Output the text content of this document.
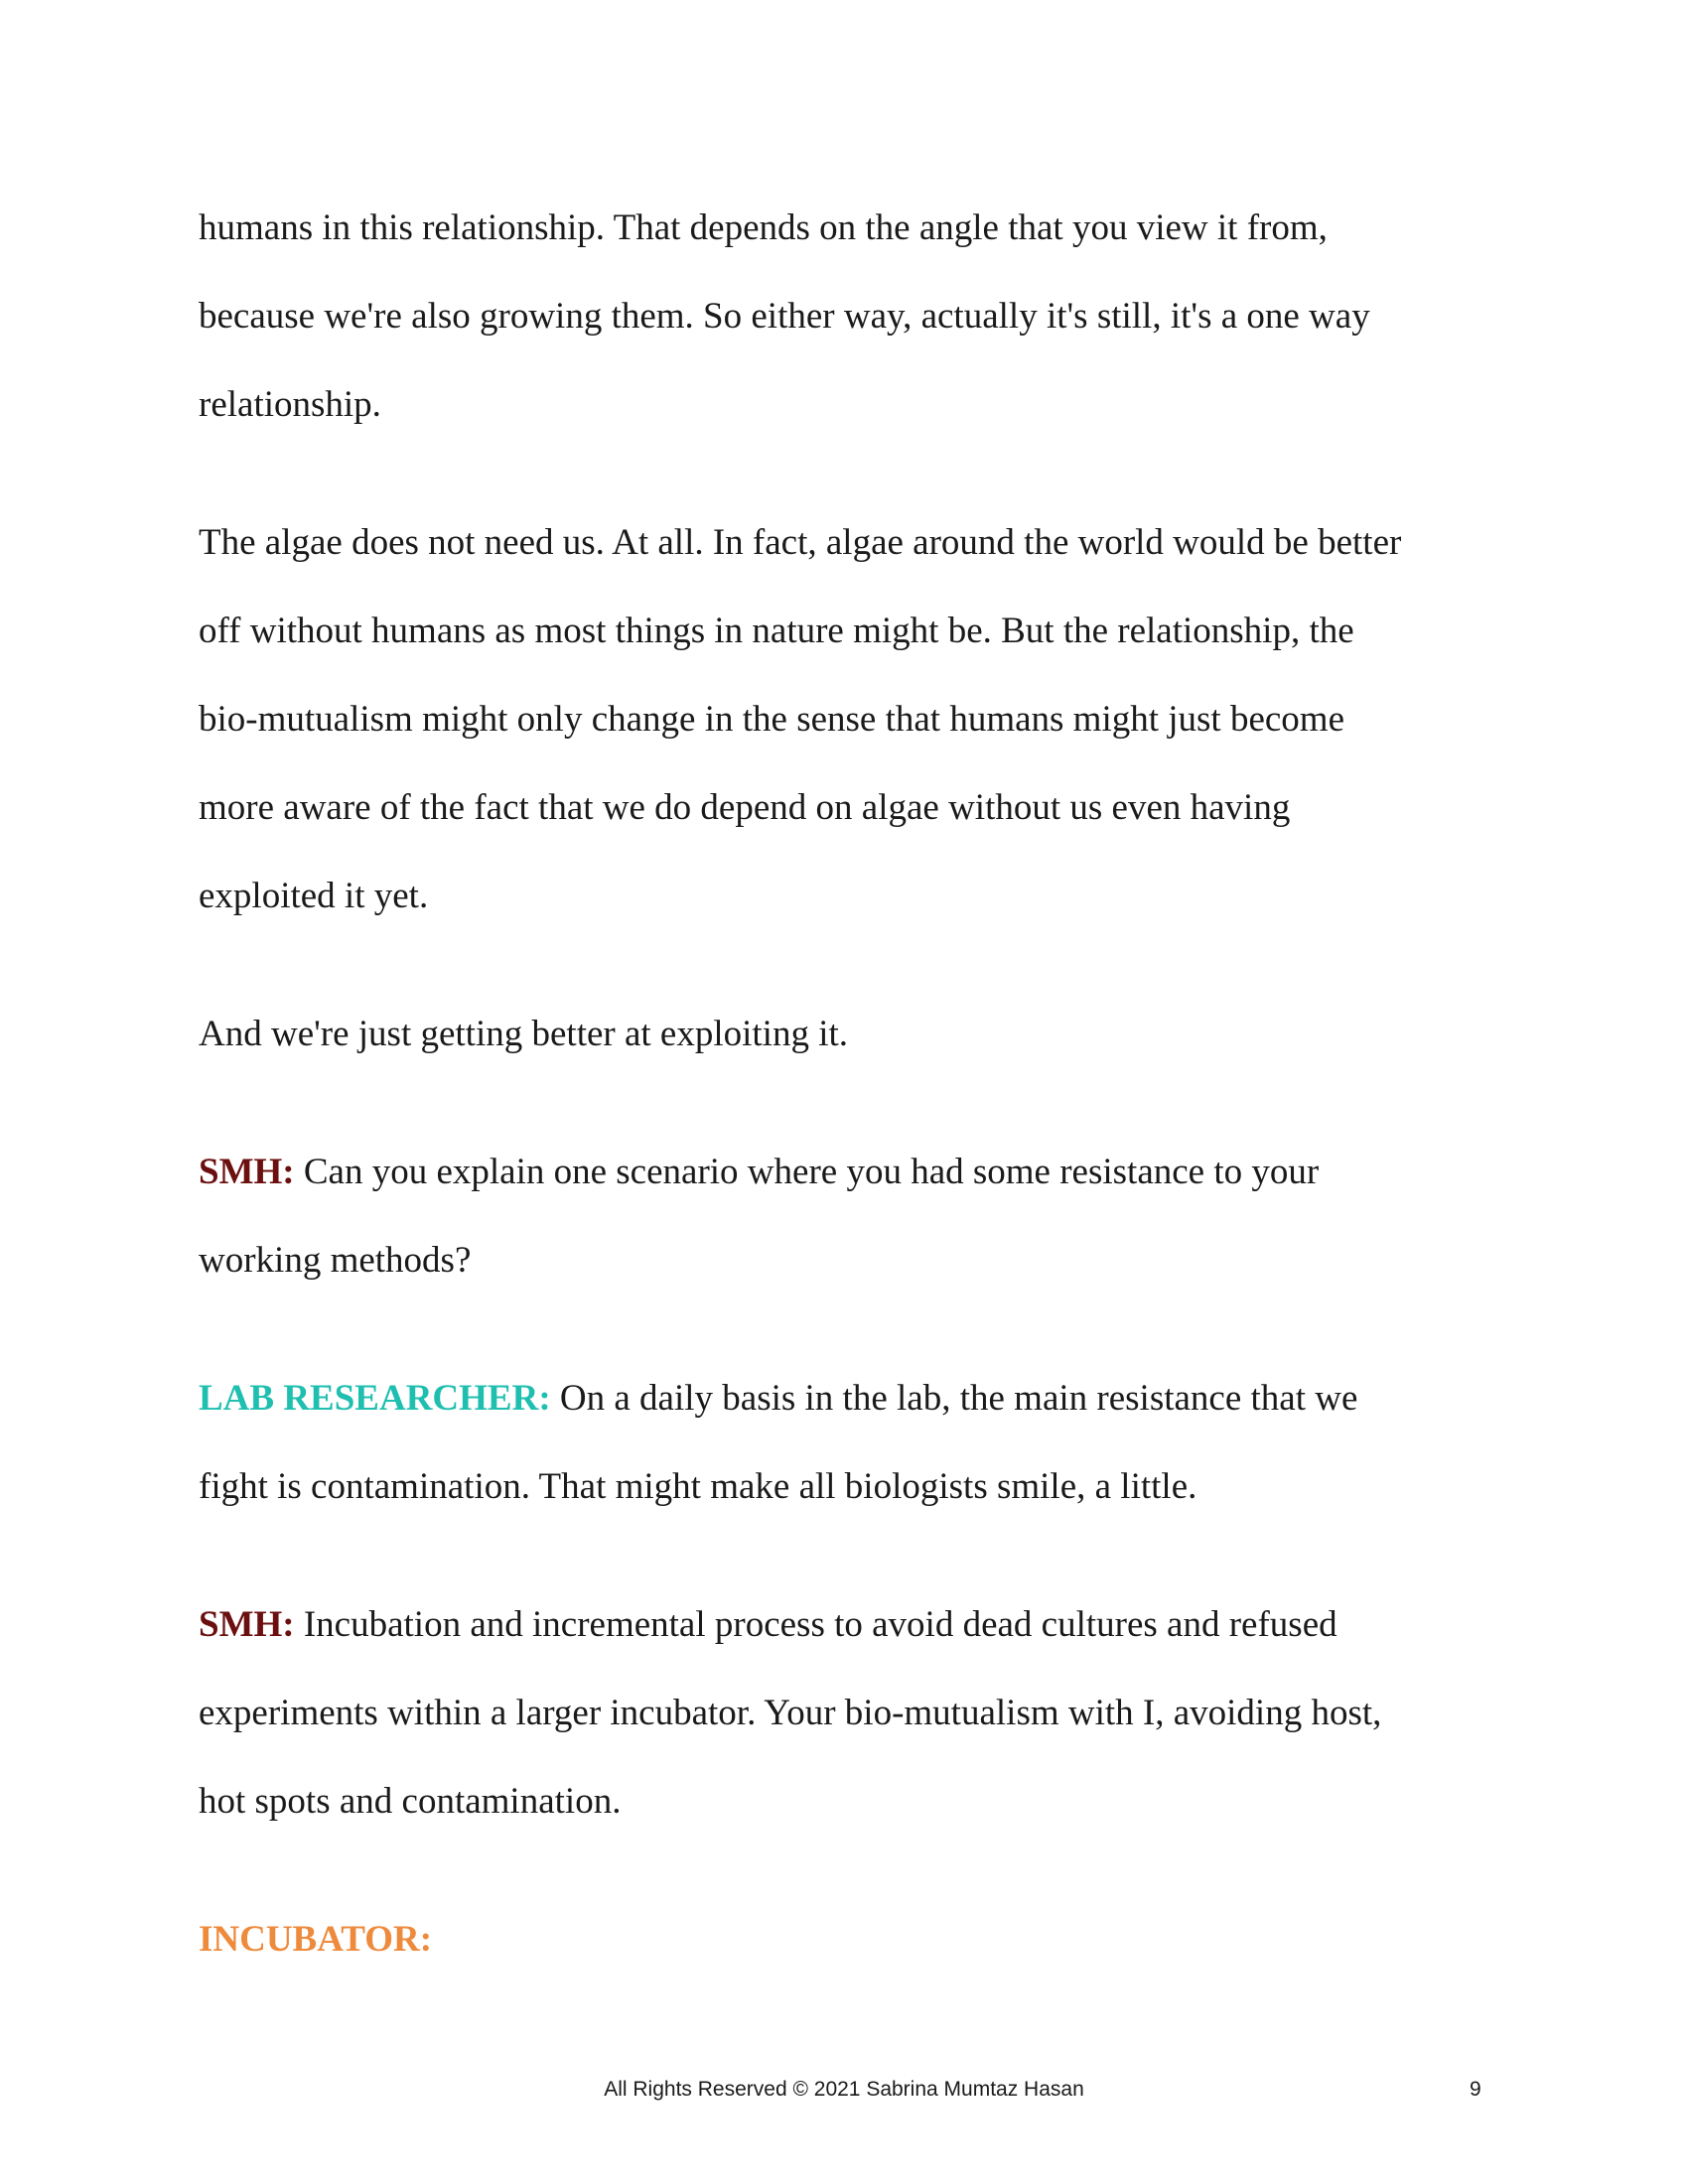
humans in this relationship. That depends on the angle that you view it from,
because we're also growing them. So either way, actually it's still, it's a one way
relationship.

The algae does not need us. At all. In fact, algae around the world would be better
off without humans as most things in nature might be. But the relationship, the
bio-mutualism might only change in the sense that humans might just become
more aware of the fact that we do depend on algae without us even having
exploited it yet.

And we're just getting better at exploiting it.

SMH: Can you explain one scenario where you had some resistance to your
working methods?

LAB RESEARCHER: On a daily basis in the lab, the main resistance that we
fight is contamination. That might make all biologists smile, a little.

SMH: Incubation and incremental process to avoid dead cultures and refused
experiments within a larger incubator. Your bio-mutualism with I, avoiding host,
hot spots and contamination.

INCUBATOR:

All Rights Reserved © 2021 Sabrina Mumtaz Hasan	9
